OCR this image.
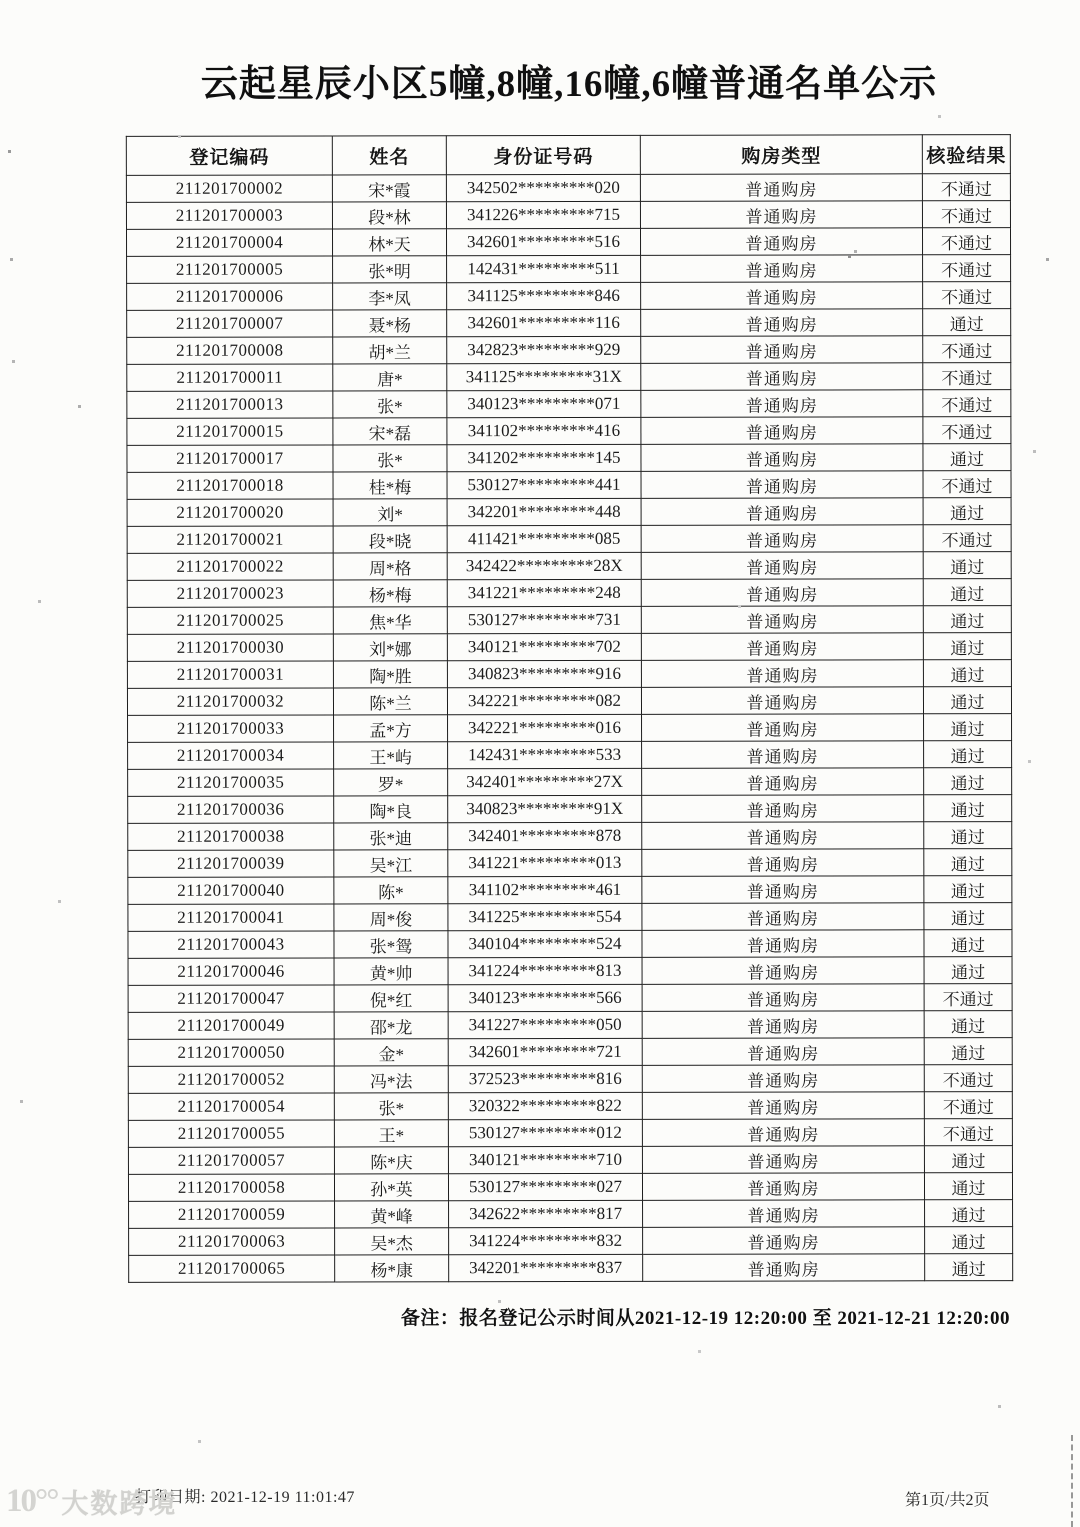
云起星辰小区5幢,8幢,16幢,6幢普通名单公示
登记编码	姓名	身份证号码	购房类型	核验结果
211201700002	宋*霞	342502*********020	普通购房	不通过
211201700003	段*林	341226*********715	普通购房	不通过
211201700004	林*天	342601*********516	普通购房	不通过
211201700005	张*明	142431*********511	普通购房	不通过
211201700006	李*凤	341125*********846	普通购房	不通过
211201700007	聂*杨	342601*********116	普通购房	通过
211201700008	胡*兰	342823*********929	普通购房	不通过
211201700011	唐*	341125*********31X	普通购房	不通过
211201700013	张*	340123*********071	普通购房	不通过
211201700015	宋*磊	341102*********416	普通购房	不通过
211201700017	张*	341202*********145	普通购房	通过
211201700018	桂*梅	530127*********441	普通购房	不通过
211201700020	刘*	342201*********448	普通购房	通过
211201700021	段*晓	411421*********085	普通购房	不通过
211201700022	周*格	342422*********28X	普通购房	通过
211201700023	杨*梅	341221*********248	普通购房	通过
211201700025	焦*华	530127*********731	普通购房	通过
211201700030	刘*娜	340121*********702	普通购房	通过
211201700031	陶*胜	340823*********916	普通购房	通过
211201700032	陈*兰	342221*********082	普通购房	通过
211201700033	孟*方	342221*********016	普通购房	通过
211201700034	王*屿	142431*********533	普通购房	通过
211201700035	罗*	342401*********27X	普通购房	通过
211201700036	陶*良	340823*********91X	普通购房	通过
211201700038	张*迪	342401*********878	普通购房	通过
211201700039	吴*江	341221*********013	普通购房	通过
211201700040	陈*	341102*********461	普通购房	通过
211201700041	周*俊	341225*********554	普通购房	通过
211201700043	张*鸳	340104*********524	普通购房	通过
211201700046	黄*帅	341224*********813	普通购房	通过
211201700047	倪*红	340123*********566	普通购房	不通过
211201700049	邵*龙	341227*********050	普通购房	通过
211201700050	金*	342601*********721	普通购房	通过
211201700052	冯*法	372523*********816	普通购房	不通过
211201700054	张*	320322*********822	普通购房	不通过
211201700055	王*	530127*********012	普通购房	不通过
211201700057	陈*庆	340121*********710	普通购房	通过
211201700058	孙*英	530127*********027	普通购房	通过
211201700059	黄*峰	342622*********817	普通购房	通过
211201700063	吴*杰	341224*********832	普通购房	通过
211201700065	杨*康	342201*********837	普通购房	通过
备注：报名登记公示时间从2021-12-19 12:20:00 至 2021-12-21 12:20:00
打印日期: 2021-12-19 11:01:47	第1页/共2页
10°° 大数跨境
